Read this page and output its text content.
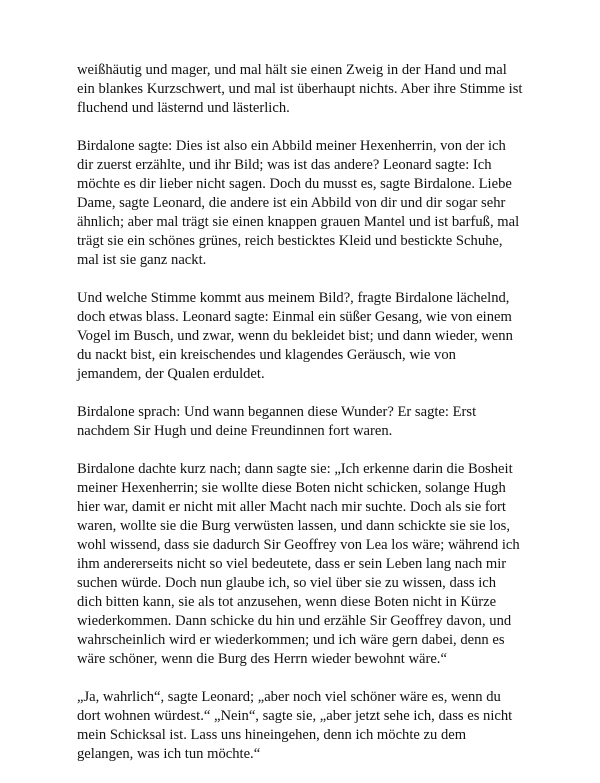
weißhäutig und mager, und mal hält sie einen Zweig in der Hand und mal
ein blankes Kurzschwert, und mal ist überhaupt nichts. Aber ihre Stimme ist
fluchend und lästernd und lästerlich.

Birdalone sagte: Dies ist also ein Abbild meiner Hexenherrin, von der ich
dir zuerst erzählte, und ihr Bild; was ist das andere? Leonard sagte: Ich
möchte es dir lieber nicht sagen. Doch du musst es, sagte Birdalone. Liebe
Dame, sagte Leonard, die andere ist ein Abbild von dir und dir sogar sehr
ähnlich; aber mal trägt sie einen knappen grauen Mantel und ist barfuß, mal
trägt sie ein schönes grünes, reich besticktes Kleid und bestickte Schuhe,
mal ist sie ganz nackt.

Und welche Stimme kommt aus meinem Bild?, fragte Birdalone lächelnd,
doch etwas blass. Leonard sagte: Einmal ein süßer Gesang, wie von einem
Vogel im Busch, und zwar, wenn du bekleidet bist; und dann wieder, wenn
du nackt bist, ein kreischendes und klagendes Geräusch, wie von
jemandem, der Qualen erduldet.

Birdalone sprach: Und wann begannen diese Wunder? Er sagte: Erst
nachdem Sir Hugh und deine Freundinnen fort waren.

Birdalone dachte kurz nach; dann sagte sie: „Ich erkenne darin die Bosheit
meiner Hexenherrin; sie wollte diese Boten nicht schicken, solange Hugh
hier war, damit er nicht mit aller Macht nach mir suchte. Doch als sie fort
waren, wollte sie die Burg verwüsten lassen, und dann schickte sie sie los,
wohl wissend, dass sie dadurch Sir Geoffrey von Lea los wäre; während ich
ihm andererseits nicht so viel bedeutete, dass er sein Leben lang nach mir
suchen würde. Doch nun glaube ich, so viel über sie zu wissen, dass ich
dich bitten kann, sie als tot anzusehen, wenn diese Boten nicht in Kürze
wiederkommen. Dann schicke du hin und erzähle Sir Geoffrey davon, und
wahrscheinlich wird er wiederkommen; und ich wäre gern dabei, denn es
wäre schöner, wenn die Burg des Herrn wieder bewohnt wäre.“

„Ja, wahrlich“, sagte Leonard; „aber noch viel schöner wäre es, wenn du
dort wohnen würdest.“ „Nein“, sagte sie, „aber jetzt sehe ich, dass es nicht
mein Schicksal ist. Lass uns hineingehen, denn ich möchte zu dem
gelangen, was ich tun möchte.“
